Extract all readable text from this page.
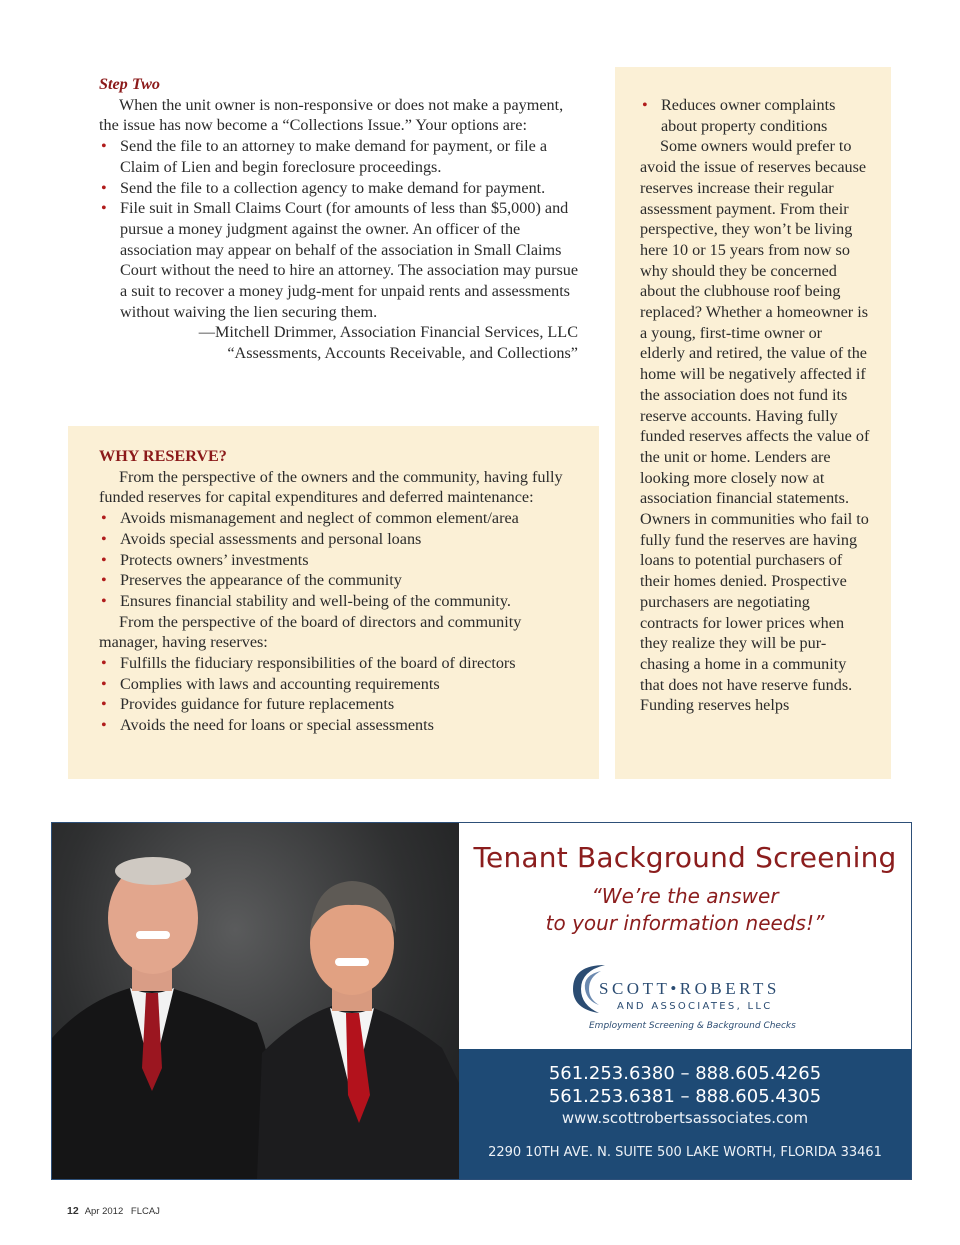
Step Two

When the unit owner is non-responsive or does not make a payment, the issue has now become a “Collections Issue.” Your options are:

• Send the file to an attorney to make demand for payment, or file a Claim of Lien and begin foreclosure proceedings.
• Send the file to a collection agency to make demand for payment.
• File suit in Small Claims Court (for amounts of less than $5,000) and pursue a money judgment against the owner. An officer of the association may appear on behalf of the association in Small Claims Court without the need to hire an attorney. The association may pursue a suit to recover a money judg-ment for unpaid rents and assessments without waiving the lien securing them.
—Mitchell Drimmer, Association Financial Services, LLC
“Assessments, Accounts Receivable, and Collections”
WHY RESERVE?

From the perspective of the owners and the community, having fully funded reserves for capital expenditures and deferred maintenance:

• Avoids mismanagement and neglect of common element/area
• Avoids special assessments and personal loans
• Protects owners’ investments
• Preserves the appearance of the community
• Ensures financial stability and well-being of the community.

From the perspective of the board of directors and community manager, having reserves:

• Fulfills the fiduciary responsibilities of the board of directors
• Complies with laws and accounting requirements
• Provides guidance for future replacements
• Avoids the need for loans or special assessments
• Reduces owner complaints about property conditions

Some owners would prefer to avoid the issue of reserves because reserves increase their regular assessment payment. From their perspective, they won’t be living here 10 or 15 years from now so why should they be concerned about the clubhouse roof being replaced? Whether a homeowner is a young, first-time owner or elderly and retired, the value of the home will be negatively affected if the association does not fund its reserve accounts. Having fully funded reserves affects the value of the unit or home. Lenders are looking more closely now at association financial statements. Owners in communities who fail to fully fund the reserves are having loans to potential purchasers of their homes denied. Prospective purchasers are negotiating contracts for lower prices when they realize they will be pur-chasing a home in a community that does not have reserve funds. Funding reserves helps

Tenant Background Screening
“We’re the answer
to your information needs!”
SCOTT•ROBERTS
AND ASSOCIATES, LLC
Employment Screening & Background Checks
561.253.6380 – 888.605.4265
561.253.6381 – 888.605.4305
www.scottrobertsassociates.com
2290 10TH AVE. N. SUITE 500 LAKE WORTH, FLORIDA 33461
12 Apr 2012 FLCAJ
